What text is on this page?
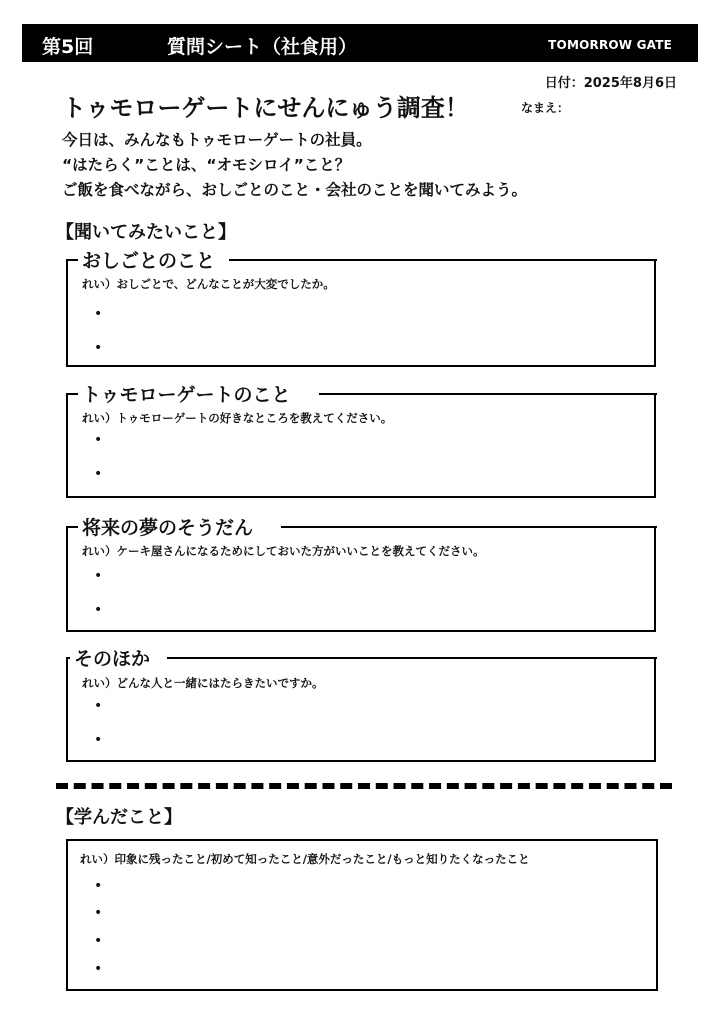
第5回	質問シート（社食用）	TOMORROW GATE
日付：2025年8月6日
トゥモローゲートにせんにゅう調査！	なまえ：
今日は、みんなもトゥモローゲートの社員。
“はたらく”ことは、“オモシロイ”こと？
ご飯を食べながら、おしごとのこと・会社のことを聞いてみよう。
【聞いてみたいこと】
おしごとのこと
れい）おしごとで、どんなことが大変でしたか。
•
•
トゥモローゲートのこと
れい）トゥモローゲートの好きなところを教えてください。
•
•
将来の夢のそうだん
れい）ケーキ屋さんになるためにしておいた方がいいことを教えてください。
•
•
そのほか
れい）どんな人と一緒にはたらきたいですか。
•
•
【学んだこと】
れい）印象に残ったこと/初めて知ったこと/意外だったこと/もっと知りたくなったこと
•
•
•
•
